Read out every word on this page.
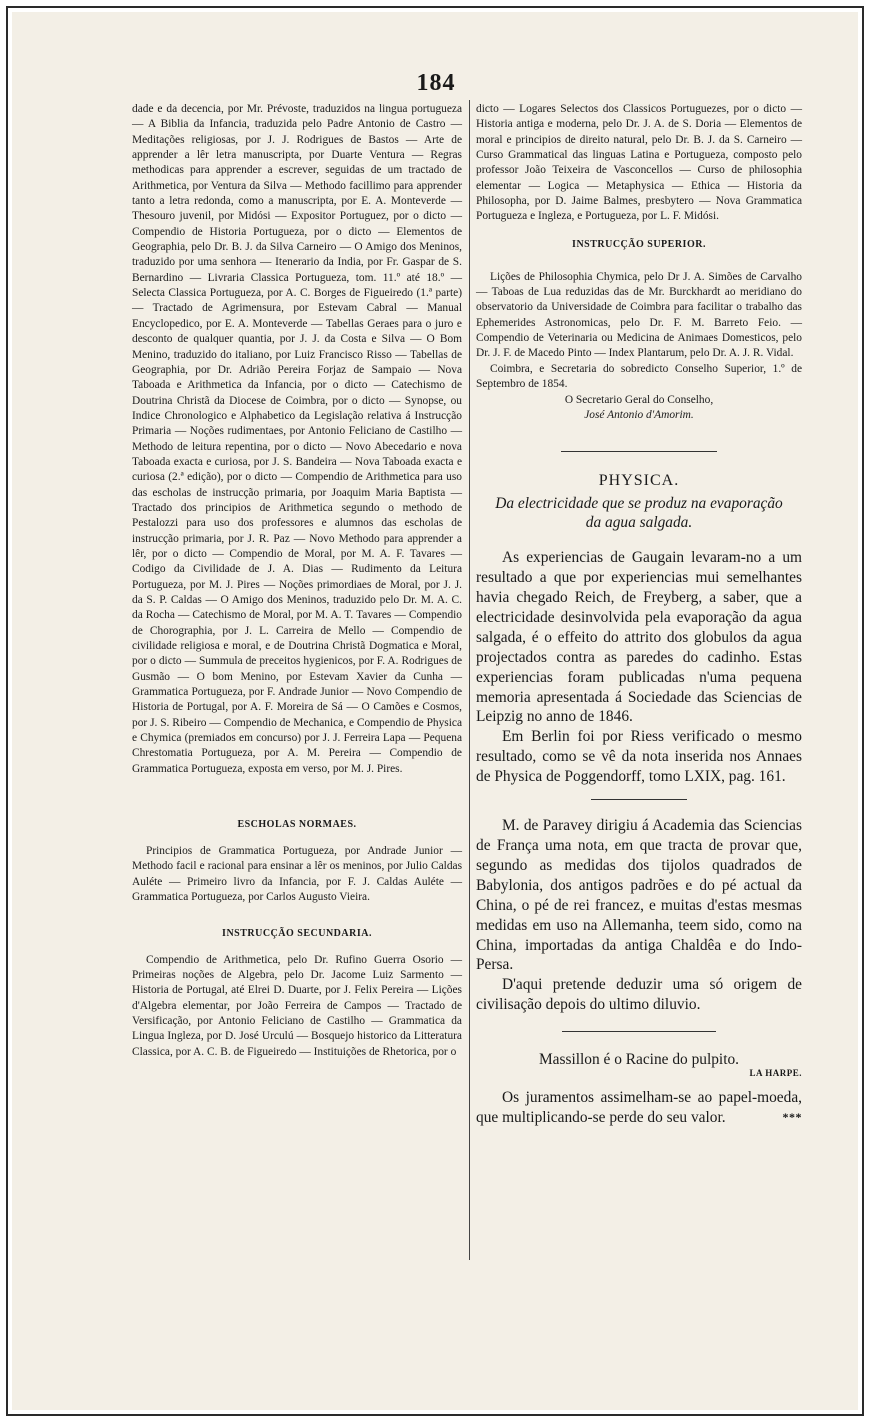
184

dade e da decencia, por Mr. Prévoste, traduzidos na lingua portugueza — A Biblia da Infancia, traduzida pelo Padre Antonio de Castro — Meditações religiosas, por J. J. Rodrigues de Bastos — Arte de apprender a lêr letra manuscripta, por Duarte Ventura — Regras methodicas para apprender a escrever, seguidas de um tractado de Arithmetica, por Ventura da Silva — Methodo facillimo para apprender tanto a letra redonda, como a manuscripta, por E. A. Monteverde — Thesouro juvenil, por Midósi — Expositor Portuguez, por o dicto — Compendio de Historia Portugueza, por o dicto — Elementos de Geographia, pelo Dr. B. J. da Silva Carneiro — O Amigo dos Meninos, traduzido por uma senhora — Itenerario da India, por Fr. Gaspar de S. Bernardino — Livraria Classica Portugueza, tom. 11.º até 18.º — Selecta Classica Portugueza, por A. C. Borges de Figueiredo (1.ª parte) — Tractado de Agrimensura, por Estevam Cabral — Manual Encyclopedico, por E. A. Monteverde — Tabellas Geraes para o juro e desconto de qualquer quantia, por J. J. da Costa e Silva — O Bom Menino, traduzido do italiano, por Luiz Francisco Risso — Tabellas de Geographia, por Dr. Adrião Pereira Forjaz de Sampaio — Nova Taboada e Arithmetica da Infancia, por o dicto — Catechismo de Doutrina Christã da Diocese de Coimbra, por o dicto — Synopse, ou Indice Chronologico e Alphabetico da Legislação relativa á Instrucção Primaria — Noções rudimentaes, por Antonio Feliciano de Castilho — Methodo de leitura repentina, por o dicto — Novo Abecedario e nova Taboada exacta e curiosa, por J. S. Bandeira — Nova Taboada exacta e curiosa (2.ª edição), por o dicto — Compendio de Arithmetica para uso das escholas de instrucção primaria, por Joaquim Maria Baptista — Tractado dos principios de Arithmetica segundo o methodo de Pestalozzi para uso dos professores e alumnos das escholas de instrucção primaria, por J. R. Paz — Novo Methodo para apprender a lêr, por o dicto — Compendio de Moral, por M. A. F. Tavares — Codigo da Civilidade de J. A. Dias — Rudimento da Leitura Portugueza, por M. J. Pires — Noções primordiaes de Moral, por J. J. da S. P. Caldas — O Amigo dos Meninos, traduzido pelo Dr. M. A. C. da Rocha — Catechismo de Moral, por M. A. T. Tavares — Compendio de Chorographia, por J. L. Carreira de Mello — Compendio de civilidade religiosa e moral, e de Doutrina Christã Dogmatica e Moral, por o dicto — Summula de preceitos hygienicos, por F. A. Rodrigues de Gusmão — O bom Menino, por Estevam Xavier da Cunha — Grammatica Portugueza, por F. Andrade Junior — Novo Compendio de Historia de Portugal, por A. F. Moreira de Sá — O Camões e Cosmos, por J. S. Ribeiro — Compendio de Mechanica, e Compendio de Physica e Chymica (premiados em concurso) por J. J. Ferreira Lapa — Pequena Chrestomatia Portugueza, por A. M. Pereira — Compendio de Grammatica Portugueza, exposta em verso, por M. J. Pires.

ESCHOLAS NORMAES.

Principios de Grammatica Portugueza, por Andrade Junior — Methodo facil e racional para ensinar a lêr os meninos, por Julio Caldas Auléte — Primeiro livro da Infancia, por F. J. Caldas Auléte — Grammatica Portugueza, por Carlos Augusto Vieira.

INSTRUCÇÃO SECUNDARIA.

Compendio de Arithmetica, pelo Dr. Rufino Guerra Osorio — Primeiras noções de Algebra, pelo Dr. Jacome Luiz Sarmento — Historia de Portugal, até Elrei D. Duarte, por J. Felix Pereira — Lições d'Algebra elementar, por João Ferreira de Campos — Tractado de Versificação, por Antonio Feliciano de Castilho — Grammatica da Lingua Ingleza, por D. José Urculú — Bosquejo historico da Litteratura Classica, por A. C. B. de Figueiredo — Instituições de Rhetorica, por o

dicto — Logares Selectos dos Classicos Portuguezes, por o dicto — Historia antiga e moderna, pelo Dr. J. A. de S. Doria — Elementos de moral e principios de direito natural, pelo Dr. B. J. da S. Carneiro — Curso Grammatical das linguas Latina e Portugueza, composto pelo professor João Teixeira de Vasconcellos — Curso de philosophia elementar — Logica — Metaphysica — Ethica — Historia da Philosopha, por D. Jaime Balmes, presbytero — Nova Grammatica Portugueza e Ingleza, e Portugueza, por L. F. Midósi.

INSTRUCÇÃO SUPERIOR.

Lições de Philosophia Chymica, pelo Dr J. A. Simões de Carvalho — Taboas de Lua reduzidas das de Mr. Burckhardt ao meridiano do observatorio da Universidade de Coimbra para facilitar o trabalho das Ephemerides Astronomicas, pelo Dr. F. M. Barreto Feio. — Compendio de Veterinaria ou Medicina de Animaes Domesticos, pelo Dr. J. F. de Macedo Pinto — Index Plantarum, pelo Dr. A. J. R. Vidal.

Coimbra, e Secretaria do sobredicto Conselho Superior, 1.º de Septembro de 1854.

O Secretario Geral do Conselho,

José Antonio d'Amorim.

PHYSICA.
Da electricidade que se produz na evaporação
da agua salgada.

As experiencias de Gaugain levaram-no a um resultado a que por experiencias mui semelhantes havia chegado Reich, de Freyberg, a saber, que a electricidade desinvolvida pela evaporação da agua salgada, é o effeito do attrito dos globulos da agua projectados contra as paredes do cadinho. Estas experiencias foram publicadas n'uma pequena memoria apresentada á Sociedade das Sciencias de Leipzig no anno de 1846.

Em Berlin foi por Riess verificado o mesmo resultado, como se vê da nota inserida nos Annaes de Physica de Poggendorff, tomo LXIX, pag. 161.

M. de Paravey dirigiu á Academia das Sciencias de França uma nota, em que tracta de provar que, segundo as medidas dos tijolos quadrados de Babylonia, dos antigos padrões e do pé actual da China, o pé de rei francez, e muitas d'estas mesmas medidas em uso na Allemanha, teem sido, como na China, importadas da antiga Chaldêa e do Indo-Persa.

D'aqui pretende deduzir uma só origem de civilisação depois do ultimo diluvio.

Massillon é o Racine do pulpito.

LA HARPE.

Os juramentos assimelham-se ao papel-moeda, que multiplicando-se perde do seu valor.	***
